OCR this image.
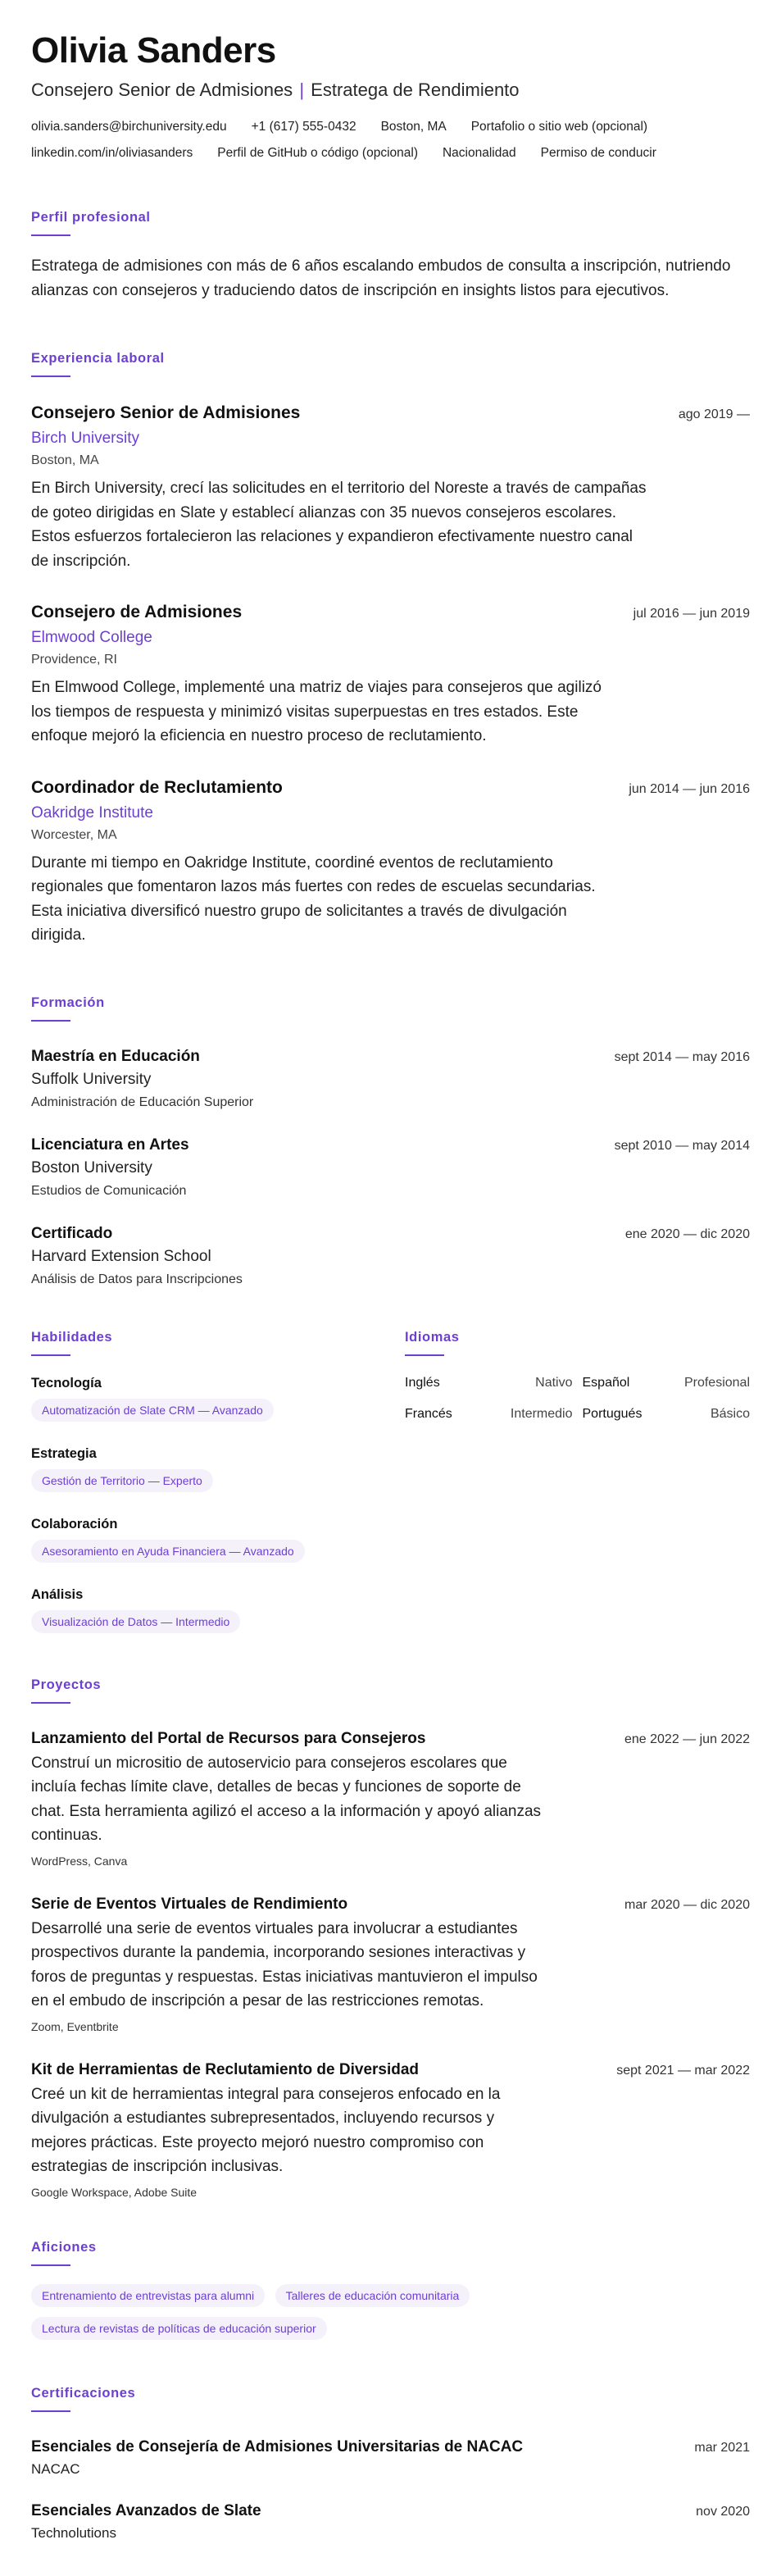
Olivia Sanders
Consejero Senior de Admisiones | Estratega de Rendimiento
olivia.sanders@birchuniversity.edu +1 (617) 555-0432 Boston, MA Portafolio o sitio web (opcional)
linkedin.com/in/oliviasanders Perfil de GitHub o código (opcional) Nacionalidad Permiso de conducir
Perfil profesional
Estratega de admisiones con más de 6 años escalando embudos de consulta a inscripción, nutriendo alianzas con consejeros y traduciendo datos de inscripción en insights listos para ejecutivos.
Experiencia laboral
Consejero Senior de Admisiones	ago 2019 —
Birch University
Boston, MA
En Birch University, crecí las solicitudes en el territorio del Noreste a través de campañas de goteo dirigidas en Slate y establecí alianzas con 35 nuevos consejeros escolares. Estos esfuerzos fortalecieron las relaciones y expandieron efectivamente nuestro canal de inscripción.
Consejero de Admisiones	jul 2016 — jun 2019
Elmwood College
Providence, RI
En Elmwood College, implementé una matriz de viajes para consejeros que agilizó los tiempos de respuesta y minimizó visitas superpuestas en tres estados. Este enfoque mejoró la eficiencia en nuestro proceso de reclutamiento.
Coordinador de Reclutamiento	jun 2014 — jun 2016
Oakridge Institute
Worcester, MA
Durante mi tiempo en Oakridge Institute, coordiné eventos de reclutamiento regionales que fomentaron lazos más fuertes con redes de escuelas secundarias. Esta iniciativa diversificó nuestro grupo de solicitantes a través de divulgación dirigida.
Formación
Maestría en Educación	sept 2014 — may 2016
Suffolk University
Administración de Educación Superior
Licenciatura en Artes	sept 2010 — may 2014
Boston University
Estudios de Comunicación
Certificado	ene 2020 — dic 2020
Harvard Extension School
Análisis de Datos para Inscripciones
Habilidades
Tecnología
Automatización de Slate CRM — Avanzado
Estrategia
Gestión de Territorio — Experto
Colaboración
Asesoramiento en Ayuda Financiera — Avanzado
Análisis
Visualización de Datos — Intermedio
Idiomas
Inglés	Nativo Español	Profesional
Francés	Intermedio Portugués	Básico
Proyectos
Lanzamiento del Portal de Recursos para Consejeros	ene 2022 — jun 2022
Construí un micrositio de autoservicio para consejeros escolares que incluía fechas límite clave, detalles de becas y funciones de soporte de chat. Esta herramienta agilizó el acceso a la información y apoyó alianzas continuas.
WordPress, Canva
Serie de Eventos Virtuales de Rendimiento	mar 2020 — dic 2020
Desarrollé una serie de eventos virtuales para involucrar a estudiantes prospectivos durante la pandemia, incorporando sesiones interactivas y foros de preguntas y respuestas. Estas iniciativas mantuvieron el impulso en el embudo de inscripción a pesar de las restricciones remotas.
Zoom, Eventbrite
Kit de Herramientas de Reclutamiento de Diversidad	sept 2021 — mar 2022
Creé un kit de herramientas integral para consejeros enfocado en la divulgación a estudiantes subrepresentados, incluyendo recursos y mejores prácticas. Este proyecto mejoró nuestro compromiso con estrategias de inscripción inclusivas.
Google Workspace, Adobe Suite
Aficiones
Entrenamiento de entrevistas para alumni	Talleres de educación comunitaria Lectura de revistas de políticas de educación superior
Certificaciones
Esenciales de Consejería de Admisiones Universitarias de NACAC	mar 2021
NACAC
Esenciales Avanzados de Slate	nov 2020
Technolutions
